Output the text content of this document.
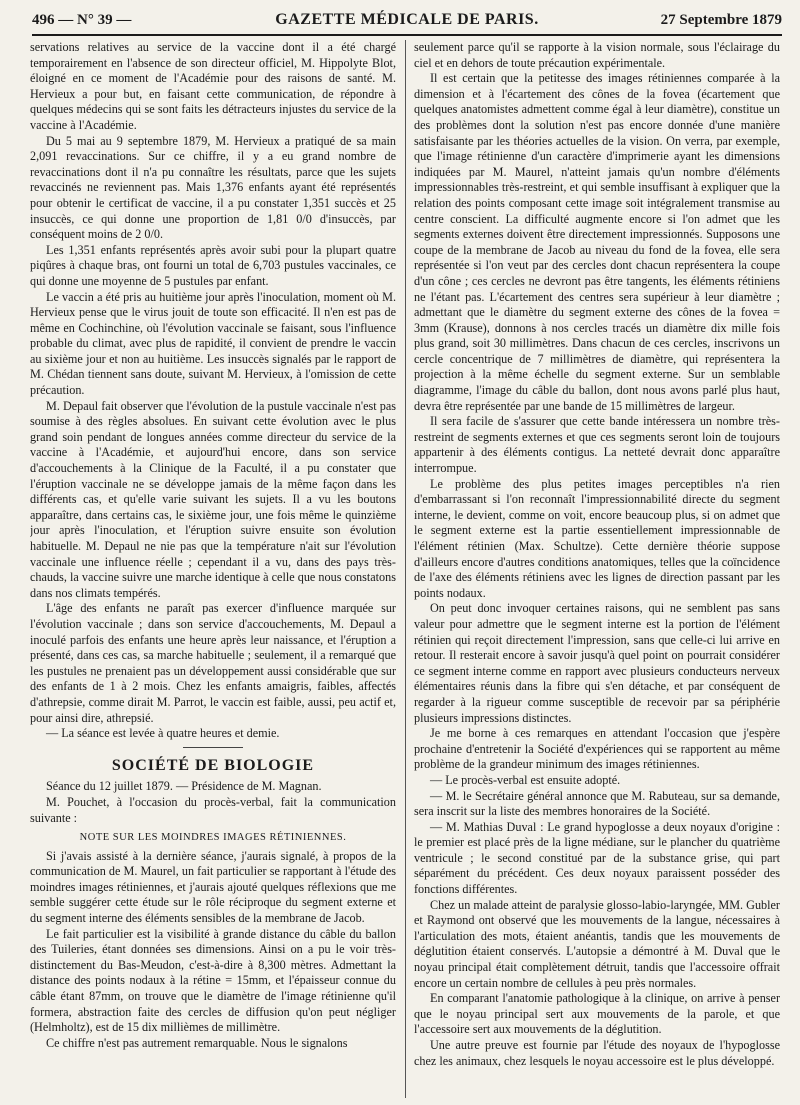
496 — N° 39 —	GAZETTE MÉDICALE DE PARIS.	27 Septembre 1879

servations relatives au service de la vaccine dont il a été chargé temporairement en l'absence de son directeur officiel, M. Hippolyte Blot, éloigné en ce moment de l'Académie pour des raisons de santé. M. Hervieux a pour but, en faisant cette communication, de répondre à quelques médecins qui se sont faits les détracteurs injustes du service de la vaccine à l'Académie.

Du 5 mai au 9 septembre 1879, M. Hervieux a pratiqué de sa main 2,091 revaccinations. Sur ce chiffre, il y a eu grand nombre de revaccinations dont il n'a pu connaître les résultats, parce que les sujets revaccinés ne reviennent pas. Mais 1,376 enfants ayant été représentés pour obtenir le certificat de vaccine, il a pu constater 1,351 succès et 25 insuccès, ce qui donne une proportion de 1,81 0/0 d'insuccès, par conséquent moins de 2 0/0.

Les 1,351 enfants représentés après avoir subi pour la plupart quatre piqûres à chaque bras, ont fourni un total de 6,703 pustules vaccinales, ce qui donne une moyenne de 5 pustules par enfant.

Le vaccin a été pris au huitième jour après l'inoculation, moment où M. Hervieux pense que le virus jouit de toute son efficacité. Il n'en est pas de même en Cochinchine, où l'évolution vaccinale se faisant, sous l'influence probable du climat, avec plus de rapidité, il convient de prendre le vaccin au sixième jour et non au huitième. Les insuccès signalés par le rapport de M. Chédan tiennent sans doute, suivant M. Hervieux, à l'omission de cette précaution.

M. Depaul fait observer que l'évolution de la pustule vaccinale n'est pas soumise à des règles absolues. En suivant cette évolution avec le plus grand soin pendant de longues années comme directeur du service de la vaccine à l'Académie, et aujourd'hui encore, dans son service d'accouchements à la Clinique de la Faculté, il a pu constater que l'éruption vaccinale ne se développe jamais de la même façon dans les différents cas, et qu'elle varie suivant les sujets. Il a vu les boutons apparaître, dans certains cas, le sixième jour, une fois même le quinzième jour après l'inoculation, et l'éruption suivre ensuite son évolution habituelle. M. Depaul ne nie pas que la température n'ait sur l'évolution vaccinale une influence réelle ; cependant il a vu, dans des pays très-chauds, la vaccine suivre une marche identique à celle que nous constatons dans nos climats tempérés.

L'âge des enfants ne paraît pas exercer d'influence marquée sur l'évolution vaccinale ; dans son service d'accouchements, M. Depaul a inoculé parfois des enfants une heure après leur naissance, et l'éruption a présenté, dans ces cas, sa marche habituelle ; seulement, il a remarqué que les pustules ne prenaient pas un développement aussi considérable que sur des enfants de 1 à 2 mois. Chez les enfants amaigris, faibles, affectés d'athrepsie, comme dirait M. Parrot, le vaccin est faible, aussi, peu actif et, pour ainsi dire, athrepsié.

— La séance est levée à quatre heures et demie.

SOCIÉTÉ DE BIOLOGIE

Séance du 12 juillet 1879. — Présidence de M. Magnan.

M. Pouchet, à l'occasion du procès-verbal, fait la communication suivante :

NOTE SUR LES MOINDRES IMAGES RÉTINIENNES.

Si j'avais assisté à la dernière séance, j'aurais signalé, à propos de la communication de M. Maurel, un fait particulier se rapportant à l'étude des moindres images rétiniennes, et j'aurais ajouté quelques réflexions que me semble suggérer cette étude sur le rôle réciproque du segment externe et du segment interne des éléments sensibles de la membrane de Jacob.

Le fait particulier est la visibilité à grande distance du câble du ballon des Tuileries, étant données ses dimensions. Ainsi on a pu le voir très-distinctement du Bas-Meudon, c'est-à-dire à 8,300 mètres. Admettant la distance des points nodaux à la rétine = 15mm, et l'épaisseur connue du câble étant 87mm, on trouve que le diamètre de l'image rétinienne qu'il formera, abstraction faite des cercles de diffusion qu'on peut négliger (Helmholtz), est de 15 dix millièmes de millimètre.

Ce chiffre n'est pas autrement remarquable. Nous le signalons

seulement parce qu'il se rapporte à la vision normale, sous l'éclairage du ciel et en dehors de toute précaution expérimentale.

Il est certain que la petitesse des images rétiniennes comparée à la dimension et à l'écartement des cônes de la fovea (écartement que quelques anatomistes admettent comme égal à leur diamètre), constitue un des problèmes dont la solution n'est pas encore donnée d'une manière satisfaisante par les théories actuelles de la vision. On verra, par exemple, que l'image rétinienne d'un caractère d'imprimerie ayant les dimensions indiquées par M. Maurel, n'atteint jamais qu'un nombre d'éléments impressionnables très-restreint, et qui semble insuffisant à expliquer que la relation des points composant cette image soit intégralement transmise au centre conscient. La difficulté augmente encore si l'on admet que les segments externes doivent être directement impressionnés. Supposons une coupe de la membrane de Jacob au niveau du fond de la fovea, elle sera représentée si l'on veut par des cercles dont chacun représentera la coupe d'un cône ; ces cercles ne devront pas être tangents, les éléments rétiniens ne l'étant pas. L'écartement des centres sera supérieur à leur diamètre ; admettant que le diamètre du segment externe des cônes de la fovea = 3mm (Krause), donnons à nos cercles tracés un diamètre dix mille fois plus grand, soit 30 millimètres. Dans chacun de ces cercles, inscrivons un cercle concentrique de 7 millimètres de diamètre, qui représentera la projection à la même échelle du segment externe. Sur un semblable diagramme, l'image du câble du ballon, dont nous avons parlé plus haut, devra être représentée par une bande de 15 millimètres de largeur.

Il sera facile de s'assurer que cette bande intéressera un nombre très-restreint de segments externes et que ces segments seront loin de toujours appartenir à des éléments contigus. La netteté devrait donc apparaître interrompue.

Le problème des plus petites images perceptibles n'a rien d'embarrassant si l'on reconnaît l'impressionnabilité directe du segment interne, le devient, comme on voit, encore beaucoup plus, si on admet que le segment externe est la partie essentiellement impressionnable de l'élément rétinien (Max. Schultze). Cette dernière théorie suppose d'ailleurs encore d'autres conditions anatomiques, telles que la coïncidence de l'axe des éléments rétiniens avec les lignes de direction passant par les points nodaux.

On peut donc invoquer certaines raisons, qui ne semblent pas sans valeur pour admettre que le segment interne est la portion de l'élément rétinien qui reçoit directement l'impression, sans que celle-ci lui arrive en retour. Il resterait encore à savoir jusqu'à quel point on pourrait considérer ce segment interne comme en rapport avec plusieurs conducteurs nerveux élémentaires réunis dans la fibre qui s'en détache, et par conséquent de regarder à la rigueur comme susceptible de recevoir par sa périphérie plusieurs impressions distinctes.

Je me borne à ces remarques en attendant l'occasion que j'espère prochaine d'entretenir la Société d'expériences qui se rapportent au même problème de la grandeur minimum des images rétiniennes.

— Le procès-verbal est ensuite adopté.

— M. le Secrétaire général annonce que M. Rabuteau, sur sa demande, sera inscrit sur la liste des membres honoraires de la Société.

— M. Mathias Duval : Le grand hypoglosse a deux noyaux d'origine : le premier est placé près de la ligne médiane, sur le plancher du quatrième ventricule ; le second constitué par de la substance grise, qui part séparément du précédent. Ces deux noyaux paraissent posséder des fonctions différentes.

Chez un malade atteint de paralysie glosso-labio-laryngée, MM. Gubler et Raymond ont observé que les mouvements de la langue, nécessaires à l'articulation des mots, étaient anéantis, tandis que les mouvements de déglutition étaient conservés. L'autopsie a démontré à M. Duval que le noyau principal était complètement détruit, tandis que l'accessoire offrait encore un certain nombre de cellules à peu près normales.

En comparant l'anatomie pathologique à la clinique, on arrive à penser que le noyau principal sert aux mouvements de la parole, et que l'accessoire sert aux mouvements de la déglutition.

Une autre preuve est fournie par l'étude des noyaux de l'hypoglosse chez les animaux, chez lesquels le noyau accessoire est le plus développé.
